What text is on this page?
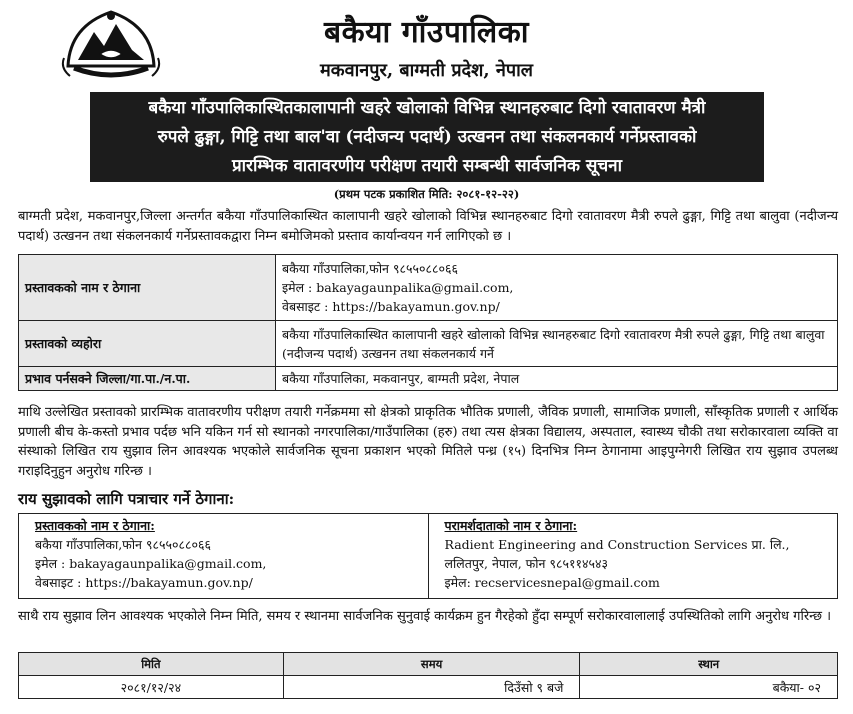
बकैया गाँउपालिका
मकवानपुर, बाग्मती प्रदेश, नेपाल
बकैया गाँउपालिकास्थितकालापानी खहरे खोलाको विभिन्न स्थानहरुबाट दिगो रवातावरण मैत्री
रुपले ढुङ्गा, गिट्टि तथा बाल'वा (नदीजन्य पदार्थ) उत्खनन तथा संकलनकार्य गर्नेप्रस्तावको
प्रारम्भिक वातावरणीय परीक्षण तयारी सम्बन्धी सार्वजनिक सूचना
(प्रथम पटक प्रकाशित मिति: २०८१-१२-२२)
बाग्मती प्रदेश, मकवानपुर,जिल्ला अन्तर्गत बकैया गाँउपालिकास्थित कालापानी खहरे खोलाको विभिन्न स्थानहरुबाट दिगो रवातावरण मैत्री रुपले ढुङ्गा, गिट्टि तथा बालुवा (नदीजन्य पदार्थ) उत्खनन तथा संकलनकार्य गर्नेप्रस्तावकद्वारा निम्न बमोजिमको प्रस्ताव कार्यान्वयन गर्न लागिएको छ ।
प्रस्तावकको नाम र ठेगाना	बकैया गाँउपालिका,फोन ९८५५०८८०६६
इमेल : bakayagaunpalika@gmail.com,
वेबसाइट : https://bakayamun.gov.np/

प्रस्तावको व्यहोरा	बकैया गाँउपालिकास्थित कालापानी खहरे खोलाको विभिन्न स्थानहरुबाट दिगो रवातावरण मैत्री रुपले ढुङ्गा, गिट्टि तथा बालुवा (नदीजन्य पदार्थ) उत्खनन तथा संकलनकार्य गर्ने
प्रभाव पर्नसक्ने जिल्ला/गा.पा./न.पा.	बकैया गाँउपालिका, मकवानपुर, बाग्मती प्रदेश, नेपाल
माथि उल्लेखित प्रस्तावको प्रारम्भिक वातावरणीय परीक्षण तयारी गर्नेक्रममा सो क्षेत्रको प्राकृतिक भौतिक प्रणाली, जैविक प्रणाली, सामाजिक प्रणाली, साँस्कृतिक प्रणाली र आर्थिक प्रणाली बीच के-कस्तो प्रभाव पर्दछ भनि यकिन गर्न सो स्थानको नगरपालिका/गाउँपालिका (हरु) तथा त्यस क्षेत्रका विद्यालय, अस्पताल, स्वास्थ्य चौकी तथा सरोकारवाला व्यक्ति वा संस्थाको लिखित राय सुझाव लिन आवश्यक भएकोले सार्वजनिक सूचना प्रकाशन भएको मितिले पन्ध्र (१५) दिनभित्र निम्न ठेगानामा आइपुग्नेगरी लिखित राय सुझाव उपलब्ध गराइदिनुहुन अनुरोध गरिन्छ ।
राय सुझावको लागि पत्राचार गर्ने ठेगाना:
प्रस्तावकको नाम र ठेगाना:
बकैया गाँउपालिका,फोन ९८५५०८८०६६
इमेल : bakayagaunpalika@gmail.com,
वेबसाइट : https://bakayamun.gov.np/

परामर्शदाताको नाम र ठेगाना:
Radient Engineering and Construction Services प्रा. लि.,
ललितपुर, नेपाल, फोन ९८५११४५४३
इमेल: recservicesnepal@gmail.com
साथै राय सुझाव लिन आवश्यक भएकोले निम्न मिति, समय र स्थानमा सार्वजनिक सुनुवाई कार्यक्रम हुन गैरहेको हुँदा सम्पूर्ण सरोकारवालालाई उपस्थितिको लागि अनुरोध गरिन्छ ।
मिति	समय	स्थान
२०८१/१२/२४	दिउँसो ९ बजे	बकैया- ०२
